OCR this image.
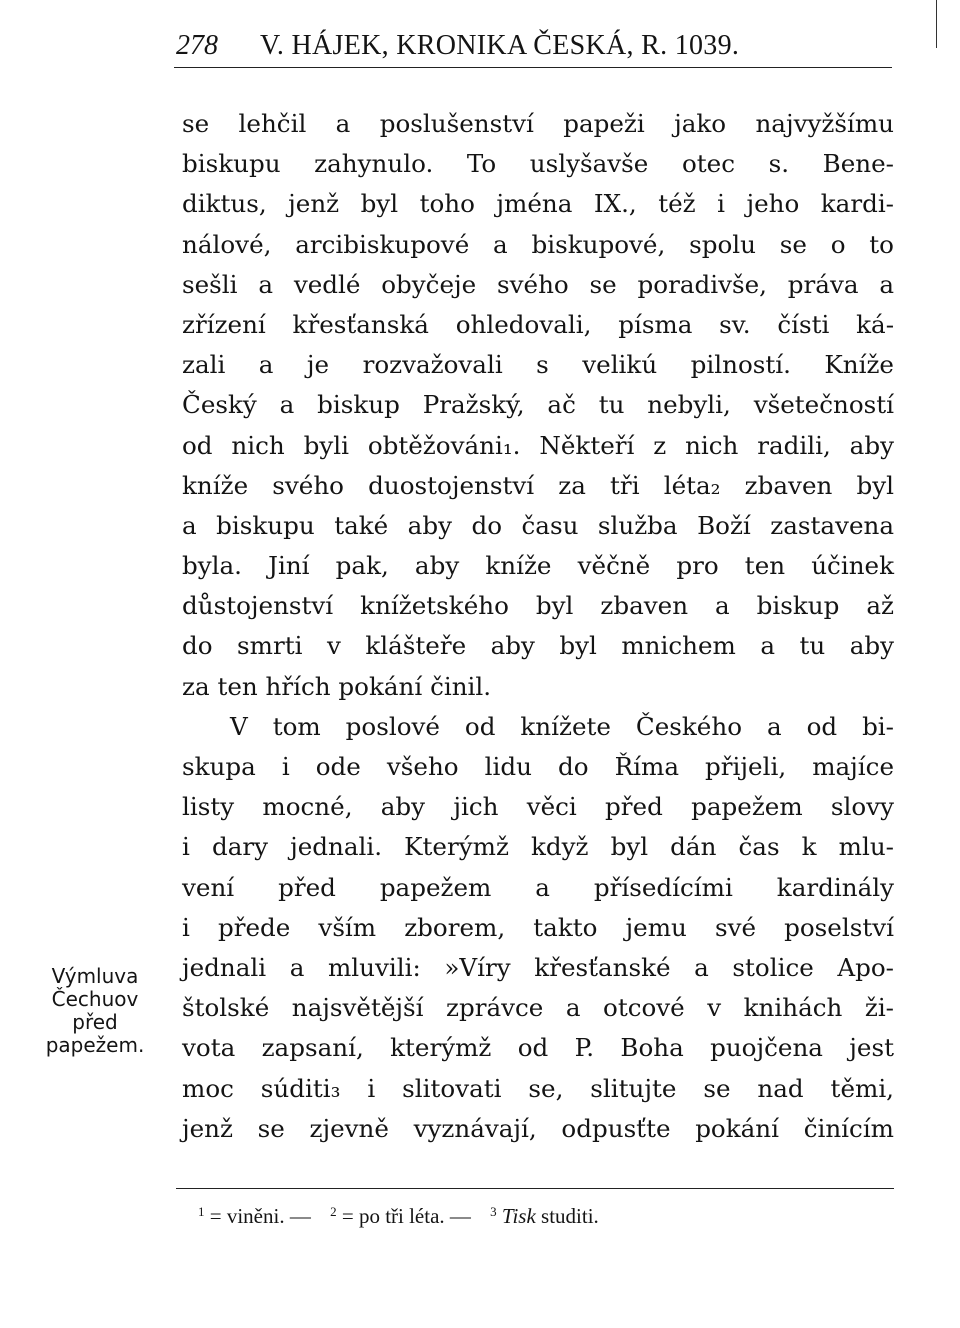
278 V. HÁJEK, KRONIKA ČESKÁ, R. 1039.
Výmluva
Čechuov
před
papežem.
se lehčil a poslušenství papeži jako najvyžšímu
biskupu zahynulo. To uslyšavše otec s. Bene-
diktus, jenž byl toho jména IX., též i jeho kardi-
nálové, arcibiskupové a biskupové, spolu se o to
sešli a vedlé obyčeje svého se poradivše, práva a
zřízení křesťanská ohledovali, písma sv. čísti ká-
zali a je rozvažovali s velikú pilností. Kníže
Český a biskup Pražský, ač tu nebyli, všetečností
od nich byli obtěžováni₁. Někteří z nich radili, aby
kníže svého duostojenství za tři léta₂ zbaven byl
a biskupu také aby do času služba Boží zastavena
byla. Jiní pak, aby kníže věčně pro ten účinek
důstojenství knížetského byl zbaven a biskup až
do smrti v klášteře aby byl mnichem a tu aby
za ten hřích pokání činil.
V tom poslové od knížete Českého a od bi-
skupa i ode všeho lidu do Říma přijeli, majíce
listy mocné, aby jich věci před papežem slovy
i dary jednali. Kterýmž když byl dán čas k mlu-
vení před papežem a přísedícími kardinály
i přede vším zborem, takto jemu své poselství
jednali a mluvili: »Víry křesťanské a stolice Apo-
štolské najsvětější zprávce a otcové v knihách ži-
vota zapsaní, kterýmž od P. Boha puojčena jest
moc súditi₃ i slitovati se, slitujte se nad těmi,
jenž se zjevně vyznávají, odpusťte pokání činícím
$^1$ = viněni. — $^2$ = po tři léta. — $^3$ Tisk studiti.
